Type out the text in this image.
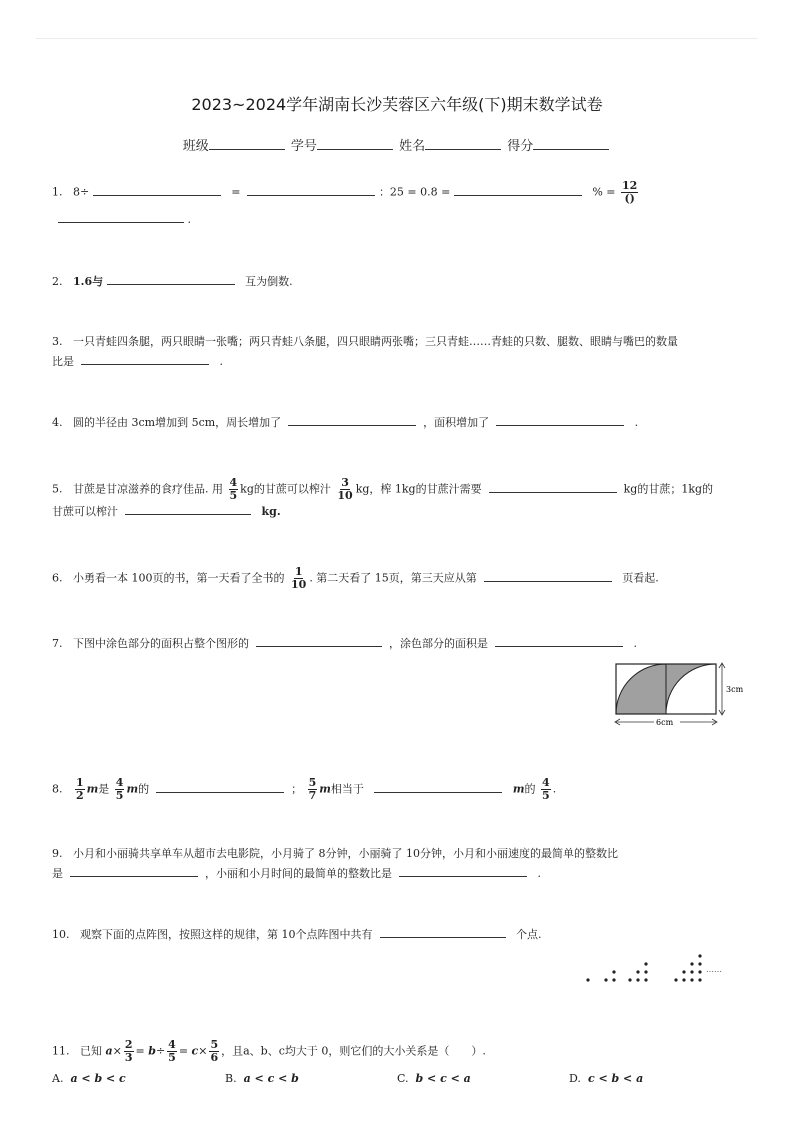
2023~2024学年湖南长沙芙蓉区六年级(下)期末数学试卷
班级	学号	姓名	得分
1. 8÷	=	：25 = 0.8 =	% = $\frac{12}{()}$
.
2. 1.6与	互为倒数.
3. 一只青蛙四条腿，两只眼睛一张嘴；两只青蛙八条腿，四只眼睛两张嘴；三只青蛙……青蛙的只数、腿数、眼睛与嘴巴的数量
比是	.
4. 圆的半径由 3cm增加到 5cm，周长增加了	，面积增加了	.
5. 甘蔗是甘凉滋养的食疗佳品. 用 $\frac{4}{5}$ kg的甘蔗可以榨汁 $\frac{3}{10}$ kg，榨 1kg的甘蔗汁需要	kg的甘蔗；1kg的
甘蔗可以榨汁	kg.
6. 小勇看一本 100页的书，第一天看了全书的 $\frac{1}{10}$ . 第二天看了 15页，第三天应从第	页看起.
7. 下图中涂色部分的面积占整个图形的	，涂色部分的面积是	.
3cm
6cm
8. $\frac{1}{2}$ m是 $\frac{4}{5}$ m的	； $\frac{5}{7}$ m相当于	m的 $\frac{4}{5}$ .
9. 小月和小丽骑共享单车从超市去电影院，小月骑了 8分钟，小丽骑了 10分钟，小月和小丽速度的最简单的整数比
是	，小丽和小月时间的最简单的整数比是	.
10. 观察下面的点阵图，按照这样的规律，第 10个点阵图中共有	个点.
……
11. 已知 $a\times \frac{2}{3} = b\div \frac{4}{5} = c\times \frac{5}{6}$ ，且a、b、c均大于 0，则它们的大小关系是（　　）.
A. a < b < c	B. a < c < b	C. b < c < a	D. c < b < a
